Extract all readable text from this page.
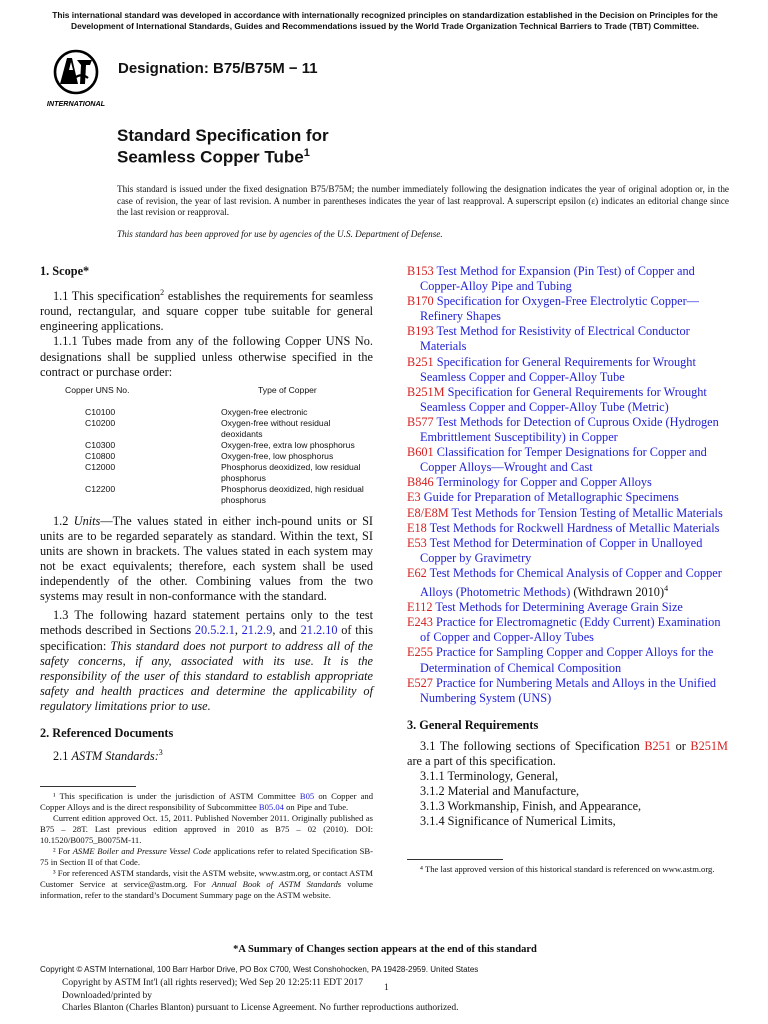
This international standard was developed in accordance with internationally recognized principles on standardization established in the Decision on Principles for the
Development of International Standards, Guides and Recommendations issued by the World Trade Organization Technical Barriers to Trade (TBT) Committee.
INTERNATIONAL
Designation: B75/B75M − 11
Standard Specification for
Seamless Copper Tube$^1$
This standard is issued under the fixed designation B75/B75M; the number immediately following the designation indicates the year of original adoption or, in the case of revision, the year of last revision. A number in parentheses indicates the year of last reapproval. A superscript epsilon (ε) indicates an editorial change since the last revision or reapproval.
This standard has been approved for use by agencies of the U.S. Department of Defense.

1. Scope*

1.1 This specification$^2$ establishes the requirements for seamless round, rectangular, and square copper tube suitable for general engineering applications.

1.1.1 Tubes made from any of the following Copper UNS No. designations shall be supplied unless otherwise specified in the contract or purchase order:

Copper UNS No.	Type of Copper
C10100	Oxygen-free electronic
C10200	Oxygen-free without residual deoxidants
C10300	Oxygen-free, extra low phosphorus
C10800	Oxygen-free, low phosphorus
C12000	Phosphorus deoxidized, low residual phosphorus
C12200	Phosphorus deoxidized, high residual phosphorus

1.2 Units—The values stated in either inch-pound units or SI units are to be regarded separately as standard. Within the text, SI units are shown in brackets. The values stated in each system may not be exact equivalents; therefore, each system shall be used independently of the other. Combining values from the two systems may result in non-conformance with the standard.

1.3 The following hazard statement pertains only to the test methods described in Sections 20.5.2.1, 21.2.9, and 21.2.10 of this specification: This standard does not purport to address all of the safety concerns, if any, associated with its use. It is the responsibility of the user of this standard to establish appropriate safety and health practices and determine the applicability of regulatory limitations prior to use.

2. Referenced Documents

2.1 ASTM Standards:$^3$

¹ This specification is under the jurisdiction of ASTM Committee B05 on Copper and Copper Alloys and is the direct responsibility of Subcommittee B05.04 on Pipe and Tube.

Current edition approved Oct. 15, 2011. Published November 2011. Originally published as B75 – 28T. Last previous edition approved in 2010 as B75 – 02 (2010). DOI: 10.1520/B0075_B0075M-11.

² For ASME Boiler and Pressure Vessel Code applications refer to related Specification SB-75 in Section II of that Code.

³ For referenced ASTM standards, visit the ASTM website, www.astm.org, or contact ASTM Customer Service at service@astm.org. For Annual Book of ASTM Standards volume information, refer to the standard’s Document Summary page on the ASTM website.

B153 Test Method for Expansion (Pin Test) of Copper and Copper-Alloy Pipe and Tubing

B170 Specification for Oxygen-Free Electrolytic Copper—Refinery Shapes

B193 Test Method for Resistivity of Electrical Conductor Materials

B251 Specification for General Requirements for Wrought Seamless Copper and Copper-Alloy Tube

B251M Specification for General Requirements for Wrought Seamless Copper and Copper-Alloy Tube (Metric)

B577 Test Methods for Detection of Cuprous Oxide (Hydrogen Embrittlement Susceptibility) in Copper

B601 Classification for Temper Designations for Copper and Copper Alloys—Wrought and Cast

B846 Terminology for Copper and Copper Alloys

E3 Guide for Preparation of Metallographic Specimens

E8/E8M Test Methods for Tension Testing of Metallic Materials

E18 Test Methods for Rockwell Hardness of Metallic Materials

E53 Test Method for Determination of Copper in Unalloyed Copper by Gravimetry

E62 Test Methods for Chemical Analysis of Copper and Copper Alloys (Photometric Methods) (Withdrawn 2010)$^4$

E112 Test Methods for Determining Average Grain Size

E243 Practice for Electromagnetic (Eddy Current) Examination of Copper and Copper-Alloy Tubes

E255 Practice for Sampling Copper and Copper Alloys for the Determination of Chemical Composition

E527 Practice for Numbering Metals and Alloys in the Unified Numbering System (UNS)

3. General Requirements

3.1 The following sections of Specification B251 or B251M are a part of this specification.

3.1.1 Terminology, General,

3.1.2 Material and Manufacture,

3.1.3 Workmanship, Finish, and Appearance,

3.1.4 Significance of Numerical Limits,

⁴ The last approved version of this historical standard is referenced on www.astm.org.

*A Summary of Changes section appears at the end of this standard
Copyright © ASTM International, 100 Barr Harbor Drive, PO Box C700, West Conshohocken, PA 19428-2959. United States
Copyright by ASTM Int'l (all rights reserved); Wed Sep 20 12:25:11 EDT 2017 1
Downloaded/printed by
Charles Blanton (Charles Blanton) pursuant to License Agreement. No further reproductions authorized.
